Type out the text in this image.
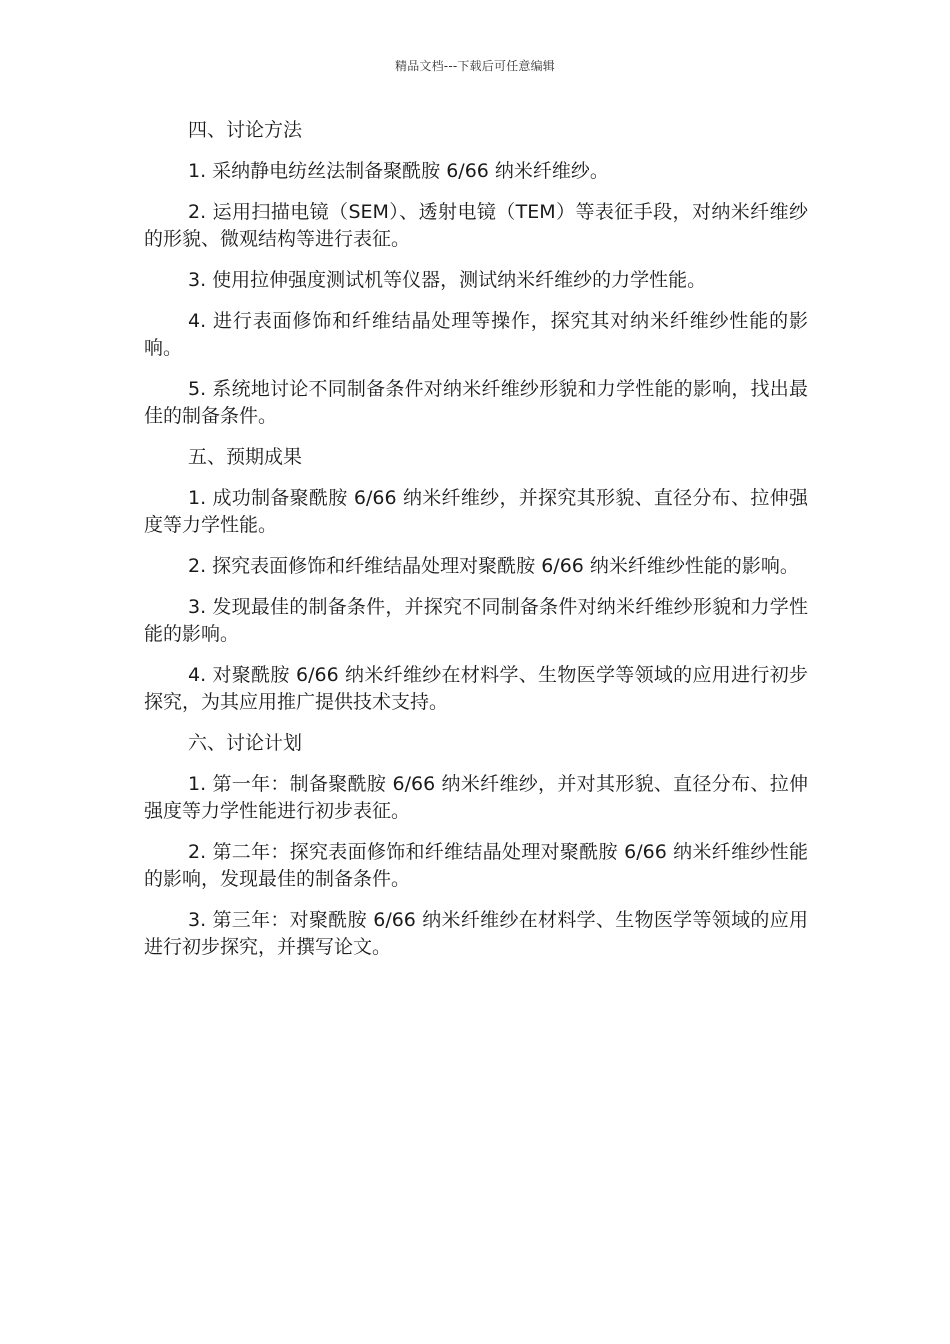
精品文档---下载后可任意编辑
四、讨论方法

1. 采纳静电纺丝法制备聚酰胺 6/66 纳米纤维纱。

2. 运用扫描电镜（SEM）、透射电镜（TEM）等表征手段，对纳米纤维纱的形貌、微观结构等进行表征。

3. 使用拉伸强度测试机等仪器，测试纳米纤维纱的力学性能。

4. 进行表面修饰和纤维结晶处理等操作，探究其对纳米纤维纱性能的影响。

5. 系统地讨论不同制备条件对纳米纤维纱形貌和力学性能的影响，找出最佳的制备条件。

五、预期成果

1. 成功制备聚酰胺 6/66 纳米纤维纱，并探究其形貌、直径分布、拉伸强度等力学性能。

2. 探究表面修饰和纤维结晶处理对聚酰胺 6/66 纳米纤维纱性能的影响。

3. 发现最佳的制备条件，并探究不同制备条件对纳米纤维纱形貌和力学性能的影响。

4. 对聚酰胺 6/66 纳米纤维纱在材料学、生物医学等领域的应用进行初步探究，为其应用推广提供技术支持。

六、讨论计划

1. 第一年：制备聚酰胺 6/66 纳米纤维纱，并对其形貌、直径分布、拉伸强度等力学性能进行初步表征。

2. 第二年：探究表面修饰和纤维结晶处理对聚酰胺 6/66 纳米纤维纱性能的影响，发现最佳的制备条件。

3. 第三年：对聚酰胺 6/66 纳米纤维纱在材料学、生物医学等领域的应用进行初步探究，并撰写论文。
